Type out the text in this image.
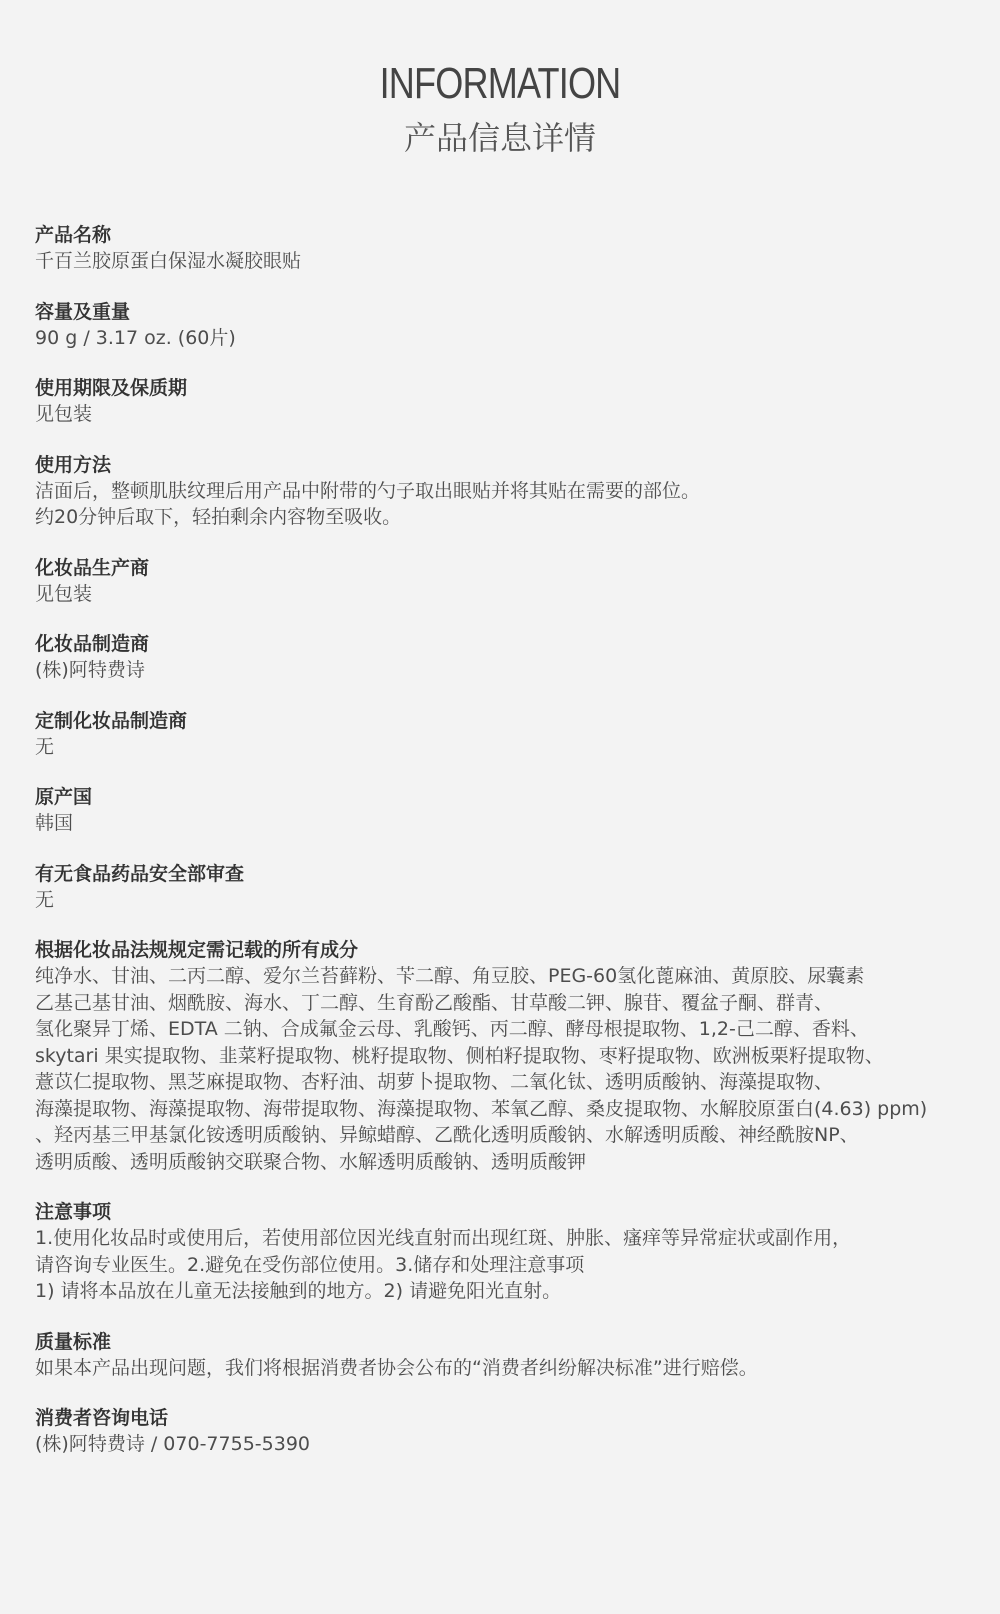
INFORMATION
产品信息详情
产品名称
千百兰胶原蛋白保湿水凝胶眼贴
容量及重量
90 g / 3.17 oz. (60片)
使用期限及保质期
见包装
使用方法
洁面后，整顿肌肤纹理后用产品中附带的勺子取出眼贴并将其贴在需要的部位。
约20分钟后取下，轻拍剩余内容物至吸收。
化妆品生产商
见包装
化妆品制造商
(株)阿特费诗
定制化妆品制造商
无
原产国
韩国
有无食品药品安全部审查
无
根据化妆品法规规定需记载的所有成分
纯净水、甘油、二丙二醇、爱尔兰苔藓粉、苄二醇、角豆胶、PEG-60氢化蓖麻油、黄原胶、尿囊素
乙基己基甘油、烟酰胺、海水、丁二醇、生育酚乙酸酯、甘草酸二钾、腺苷、覆盆子酮、群青、
氢化聚异丁烯、EDTA 二钠、合成氟金云母、乳酸钙、丙二醇、酵母根提取物、1,2-己二醇、香料、
skytari 果实提取物、韭菜籽提取物、桃籽提取物、侧柏籽提取物、枣籽提取物、欧洲板栗籽提取物、
薏苡仁提取物、黑芝麻提取物、杏籽油、胡萝卜提取物、二氧化钛、透明质酸钠、海藻提取物、
海藻提取物、海藻提取物、海带提取物、海藻提取物、苯氧乙醇、桑皮提取物、水解胶原蛋白(4.63) ppm)
、羟丙基三甲基氯化铵透明质酸钠、异鲸蜡醇、乙酰化透明质酸钠、水解透明质酸、神经酰胺NP、
透明质酸、透明质酸钠交联聚合物、水解透明质酸钠、透明质酸钾
注意事项
1.使用化妆品时或使用后，若使用部位因光线直射而出现红斑、肿胀、瘙痒等异常症状或副作用，
请咨询专业医生。2.避免在受伤部位使用。3.储存和处理注意事项
1) 请将本品放在儿童无法接触到的地方。2) 请避免阳光直射。
质量标准
如果本产品出现问题，我们将根据消费者协会公布的“消费者纠纷解决标准”进行赔偿。
消费者咨询电话
(株)阿特费诗 / 070-7755-5390
